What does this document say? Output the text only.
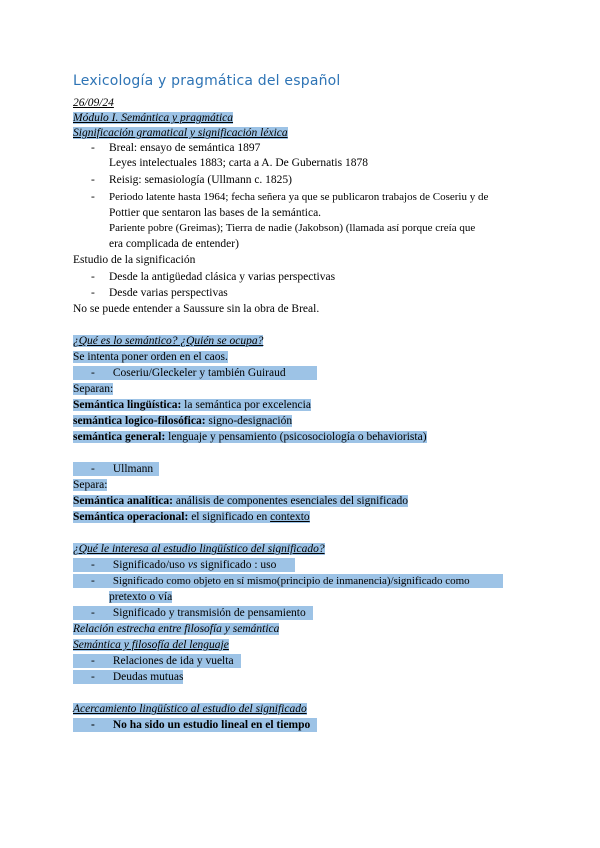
Lexicología y pragmática del español
26/09/24
Módulo I. Semántica y pragmática
Significación gramatical y significación léxica
- Breal: ensayo de semántica 1897
Leyes intelectuales 1883; carta a A. De Gubernatis 1878
- Reisig: semasiología (Ullmann c. 1825)
- Periodo latente hasta 1964; fecha señera ya que se publicaron trabajos de Coseriu y de
Pottier que sentaron las bases de la semántica.
Pariente pobre (Greimas); Tierra de nadie (Jakobson) (llamada así porque creía que
era complicada de entender)
Estudio de la significación
- Desde la antigüedad clásica y varias perspectivas
- Desde varias perspectivas
No se puede entender a Saussure sin la obra de Breal.
¿Qué es lo semántico? ¿Quién se ocupa?
Se intenta poner orden en el caos.
- Coseriu/Gleckeler y también Guiraud
Separan:
Semántica lingüística: la semántica por excelencia
semántica logico-filosófica: signo-designación
semántica general: lenguaje y pensamiento (psicosociología o behaviorista)
- Ullmann
Separa:
Semántica analítica: análisis de componentes esenciales del significado
Semántica operacional: el significado en contexto
¿Qué le interesa al estudio lingüístico del significado?
- Significado/uso vs significado : uso
- Significado como objeto en sí mismo(principio de inmanencia)/significado como
pretexto o vía
- Significado y transmisión de pensamiento
Relación estrecha entre filosofía y semántica
Semántica y filosofía del lenguaje
- Relaciones de ida y vuelta
- Deudas mutuas
Acercamiento lingüístico al estudio del significado
- No ha sido un estudio lineal en el tiempo
